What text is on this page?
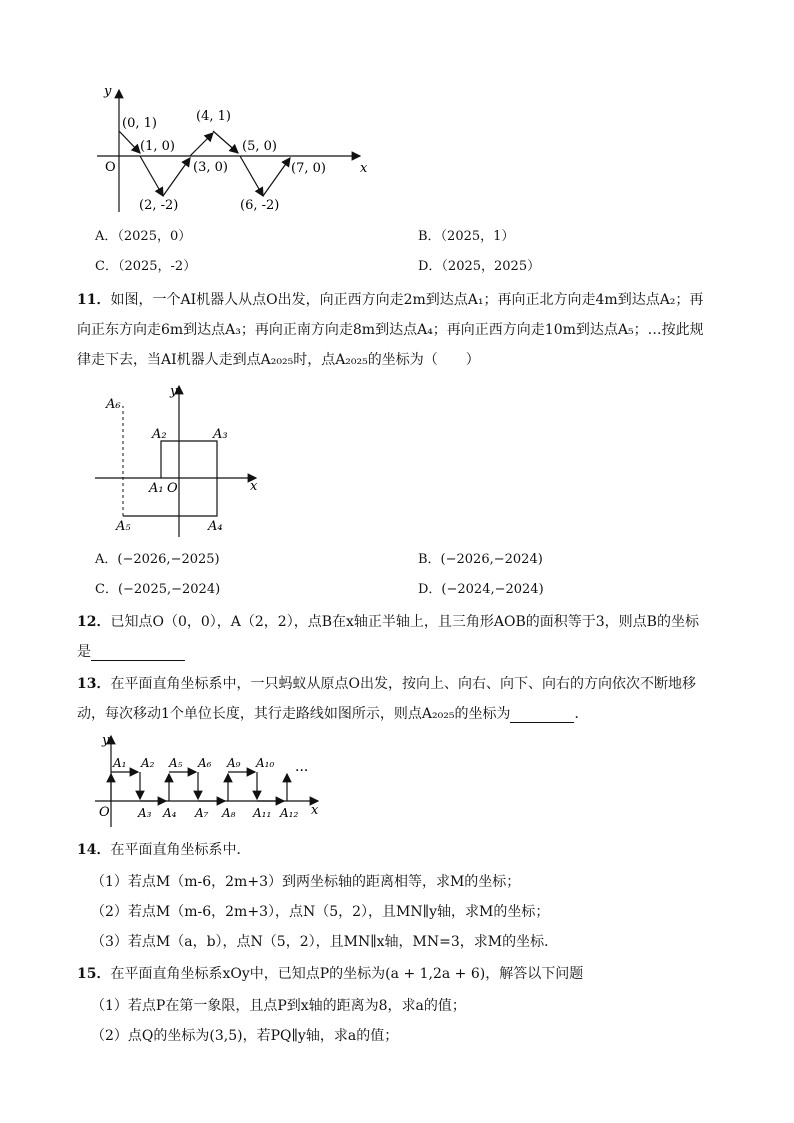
x
y
O
(0, 1)
(1, 0)
(4, 1)
(3, 0)
(5, 0)
(7, 0)
(2, -2)	(6, -2)
A．（2025，0）	B．（2025，1）
C．（2025，-2）	D．（2025，2025）
11．如图，一个AI机器人从点O出发，向正西方向走2m到达点A₁；再向正北方向走4m到达点A₂；再
向正东方向走6m到达点A₃；再向正南方向走8m到达点A₄；再向正西方向走10m到达点A₅；…按此规
律走下去，当AI机器人走到点A₂₀₂₅时，点A₂₀₂₅的坐标为（　　）
x
y
A₆
A₂	A₃
A₁ O
A₅	A₄
A．(−2026,−2025)	B．(−2026,−2024)
C．(−2025,−2024)	D．(−2024,−2024)
12．已知点O（0，0），A（2，2），点B在x轴正半轴上，且三角形AOB的面积等于3，则点B的坐标
是
13．在平面直角坐标系中，一只蚂蚁从原点O出发，按向上、向右、向下、向右的方向依次不断地移
动，每次移动1个单位长度，其行走路线如图所示，则点A₂₀₂₅的坐标为	．
x
y
O
···
A₁ A₂ A₅ A₆ A₉ A₁₀
A₃ A₄ A₇ A₈ A₁₁ A₁₂
14．在平面直角坐标系中．
（1）若点M（m-6，2m+3）到两坐标轴的距离相等，求M的坐标；
（2）若点M（m-6，2m+3），点N（5，2），且MN∥y轴，求M的坐标；
（3）若点M（a，b），点N（5，2），且MN∥x轴，MN=3，求M的坐标．
15．在平面直角坐标系xOy中，已知点P的坐标为(a + 1,2a + 6)，解答以下问题
（1）若点P在第一象限，且点P到x轴的距离为8，求a的值；
（2）点Q的坐标为(3,5)，若PQ∥y轴，求a的值；
